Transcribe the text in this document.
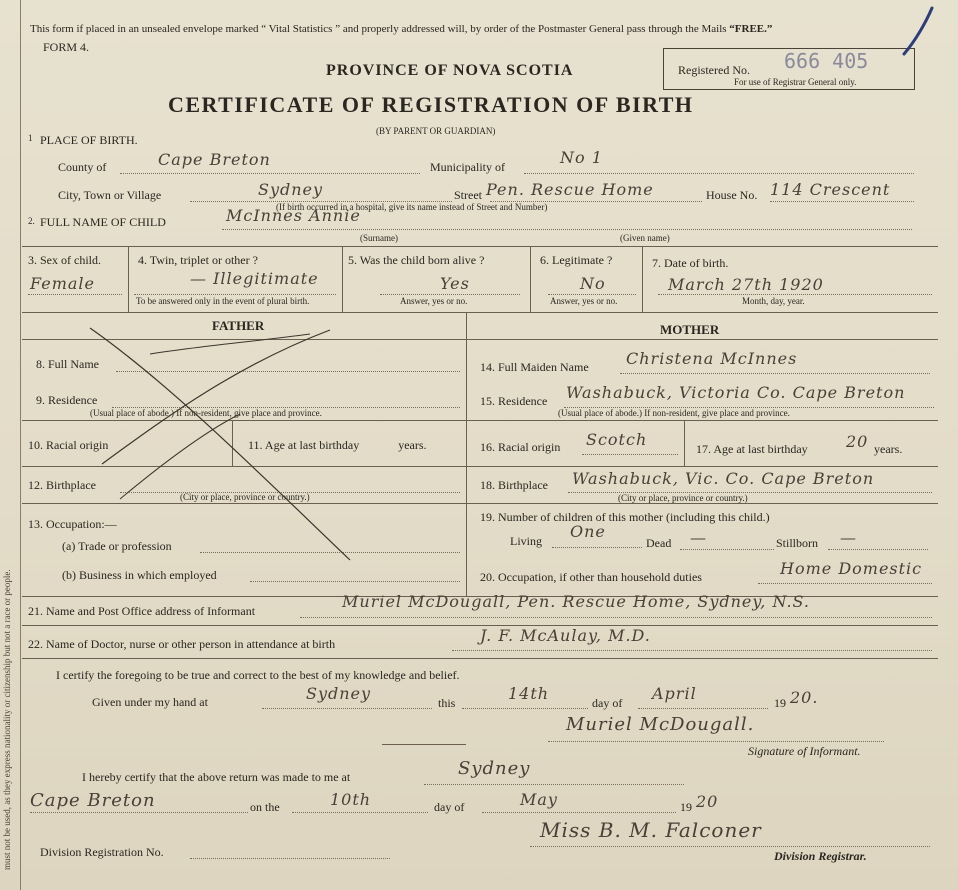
must not be used, as they express nationality or citizenship but not a race or people.
This form if placed in an unsealed envelope marked “ Vital Statistics ” and properly addressed will, by order of the Postmaster General pass through the Mails “FREE.”
FORM 4.
PROVINCE OF NOVA SCOTIA
CERTIFICATE OF REGISTRATION OF BIRTH
(BY PARENT OR GUARDIAN)
Registered No. 666 405
For use of Registrar General only.
1 PLACE OF BIRTH.
County of	Cape Breton	Municipality of	No 1
City, Town or Village	Sydney	Street Pen. Rescue Home	House No. 114 Crescent
(If birth occurred in a hospital, give its name instead of Street and Number)
2. FULL NAME OF CHILD	McInnes Annie
(Surname)	(Given name)
3. Sex of child.
Female
4. Twin, triplet or other ?
— Illegitimate
To be answered only in the event of plural birth.
5. Was the child born alive ?
Yes
Answer, yes or no.
6. Legitimate ?
No
Answer, yes or no.
7. Date of birth.
March 27th 1920
Month, day, year.
FATHER	MOTHER
8. Full Name
9. Residence
(Usual place of abode.) If non-resident, give place and province.
10. Racial origin	11. Age at last birthday	years.
12. Birthplace
(City or place, province or country.)
13. Occupation:—
(a) Trade or profession
(b) Business in which employed
14. Full Maiden Name Christena McInnes
15. Residence Washabuck, Victoria Co. Cape Breton
(Usual place of abode.) If non-resident, give place and province.
16. Racial origin Scotch	17. Age at last birthday 20 years.
18. Birthplace Washabuck, Vic. Co. Cape Breton
(City or place, province or country.)
19. Number of children of this mother (including this child.)
Living One
Dead —	Stillborn —
20. Occupation, if other than household duties	Home Domestic
21. Name and Post Office address of Informant	Muriel McDougall, Pen. Rescue Home, Sydney, N.S.
22. Name of Doctor, nurse or other person in attendance at birth	J. F. McAulay, M.D.
I certify the foregoing to be true and correct to the best of my knowledge and belief.
Given under my hand at	Sydney	this	14th	day of April	19 20.
Muriel McDougall.
Signature of Informant.
I hereby certify that the above return was made to me at	Sydney
Cape Breton	on the	10th	day of	May	19 20
Miss B. M. Falconer
Division Registrar.
Division Registration No.
